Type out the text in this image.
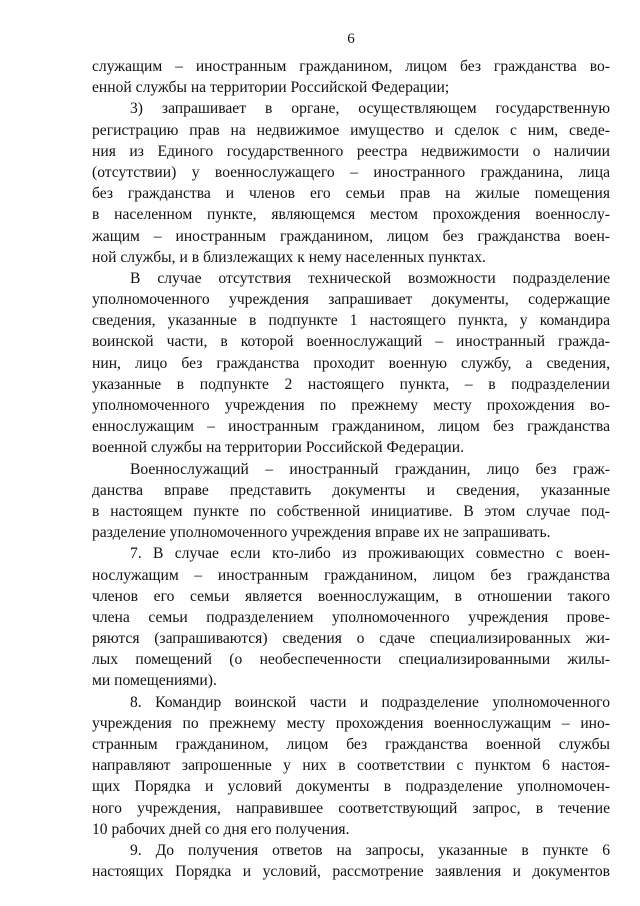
6
служащим – иностранным гражданином, лицом без гражданства во-
енной службы на территории Российской Федерации;
3) запрашивает в органе, осуществляющем государственную
регистрацию прав на недвижимое имущество и сделок с ним, сведе-
ния из Единого государственного реестра недвижимости о наличии
(отсутствии) у военнослужащего – иностранного гражданина, лица
без гражданства и членов его семьи прав на жилые помещения
в населенном пункте, являющемся местом прохождения военнослу-
жащим – иностранным гражданином, лицом без гражданства воен-
ной службы, и в близлежащих к нему населенных пунктах.
В случае отсутствия технической возможности подразделение
уполномоченного учреждения запрашивает документы, содержащие
сведения, указанные в подпункте 1 настоящего пункта, у командира
воинской части, в которой военнослужащий – иностранный гражда-
нин, лицо без гражданства проходит военную службу, а сведения,
указанные в подпункте 2 настоящего пункта, – в подразделении
уполномоченного учреждения по прежнему месту прохождения во-
еннослужащим – иностранным гражданином, лицом без гражданства
военной службы на территории Российской Федерации.
Военнослужащий – иностранный гражданин, лицо без граж-
данства вправе представить документы и сведения, указанные
в настоящем пункте по собственной инициативе. В этом случае под-
разделение уполномоченного учреждения вправе их не запрашивать.
7. В случае если кто-либо из проживающих совместно с воен-
нослужащим – иностранным гражданином, лицом без гражданства
членов его семьи является военнослужащим, в отношении такого
члена семьи подразделением уполномоченного учреждения прове-
ряются (запрашиваются) сведения о сдаче специализированных жи-
лых помещений (о необеспеченности специализированными жилы-
ми помещениями).
8. Командир воинской части и подразделение уполномоченного
учреждения по прежнему месту прохождения военнослужащим – ино-
странным гражданином, лицом без гражданства военной службы
направляют запрошенные у них в соответствии с пунктом 6 настоя-
щих Порядка и условий документы в подразделение уполномочен-
ного учреждения, направившее соответствующий запрос, в течение
10 рабочих дней со дня его получения.
9. До получения ответов на запросы, указанные в пункте 6
настоящих Порядка и условий, рассмотрение заявления и документов
